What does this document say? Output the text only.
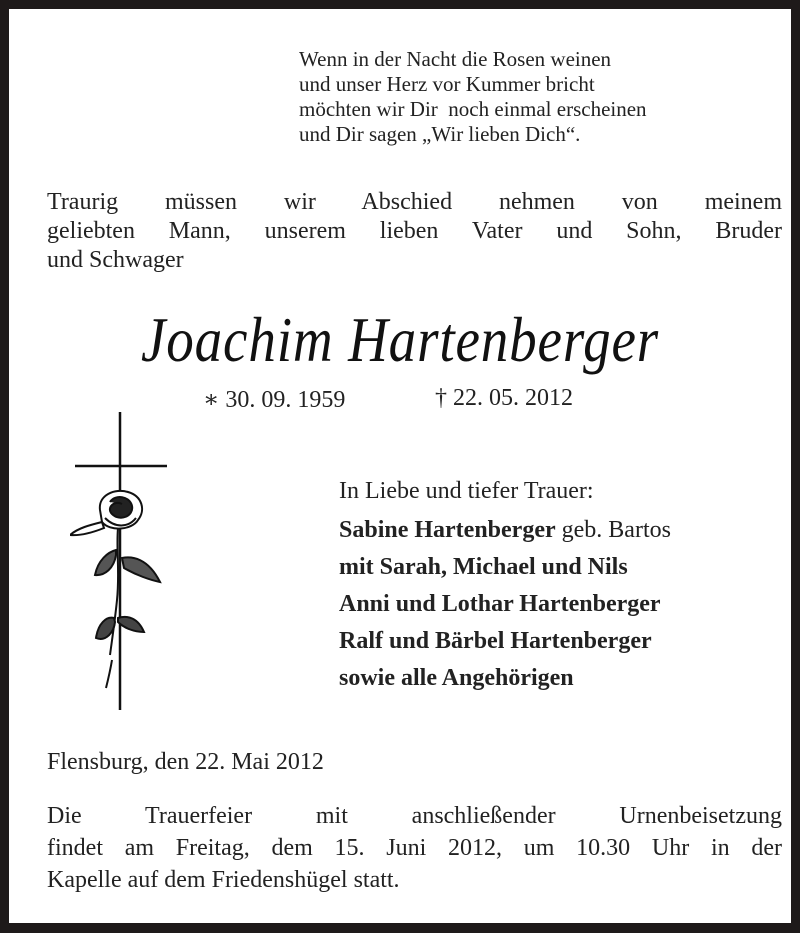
Wenn in der Nacht die Rosen weinen
und unser Herz vor Kummer bricht
möchten wir Dir  noch einmal erscheinen
und Dir sagen „Wir lieben Dich“.
Traurig müssen wir Abschied nehmen von meinem
geliebten Mann, unserem lieben Vater und Sohn, Bruder
und Schwager
Joachim Hartenberger
∗ 30. 09. 1959	† 22. 05. 2012
In Liebe und tiefer Trauer:
Sabine Hartenberger geb. Bartos
mit Sarah, Michael und Nils
Anni und Lothar Hartenberger
Ralf und Bärbel Hartenberger
sowie alle Angehörigen
Flensburg, den 22. Mai 2012
Die Trauerfeier mit anschließender Urnenbeisetzung
findet am Freitag, dem 15. Juni 2012, um 10.30 Uhr in der
Kapelle auf dem Friedenshügel statt.
